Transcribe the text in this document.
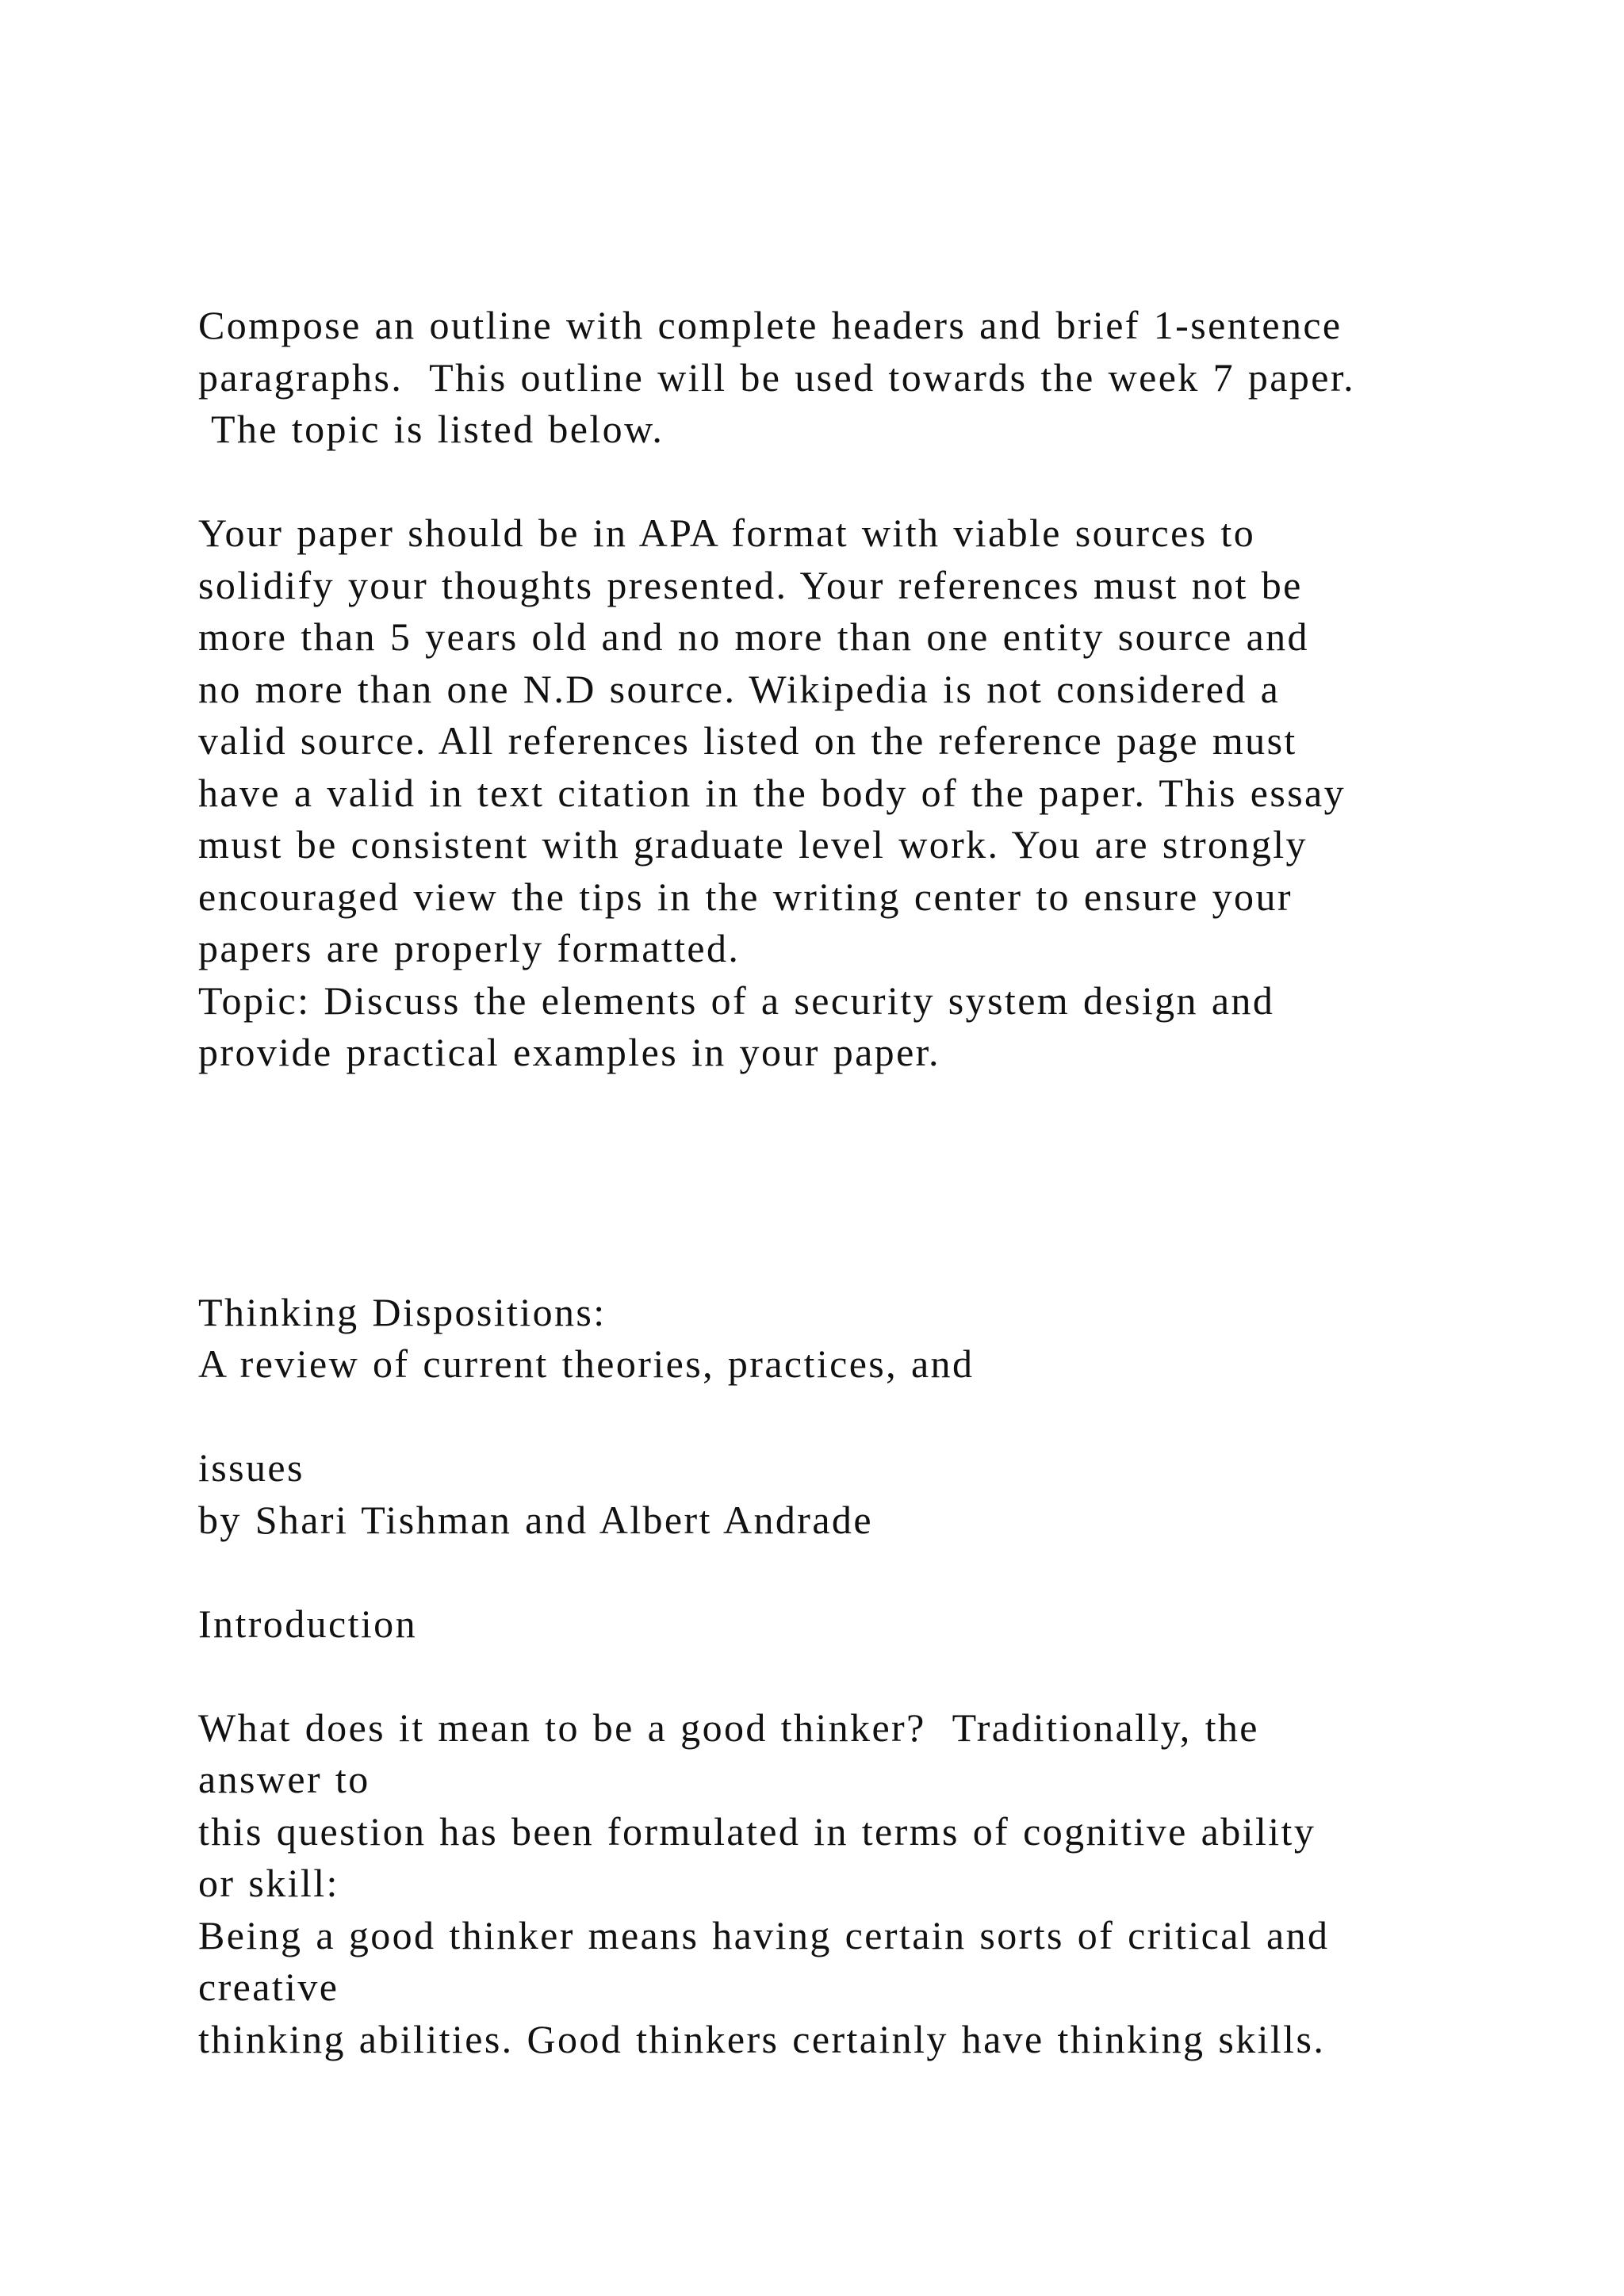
Compose an outline with complete headers and brief 1-sentence
paragraphs.  This outline will be used towards the week 7 paper.
The topic is listed below.
Your paper should be in APA format with viable sources to
solidify your thoughts presented. Your references must not be
more than 5 years old and no more than one entity source and
no more than one N.D source. Wikipedia is not considered a
valid source. All references listed on the reference page must
have a valid in text citation in the body of the paper. This essay
must be consistent with graduate level work. You are strongly
encouraged view the tips in the writing center to ensure your
papers are properly formatted.
Topic: Discuss the elements of a security system design and
provide practical examples in your paper.
Thinking Dispositions:
A review of current theories, practices, and
issues
by Shari Tishman and Albert Andrade
Introduction
What does it mean to be a good thinker?  Traditionally, the
answer to
this question has been formulated in terms of cognitive ability
or skill:
Being a good thinker means having certain sorts of critical and
creative
thinking abilities. Good thinkers certainly have thinking skills.
